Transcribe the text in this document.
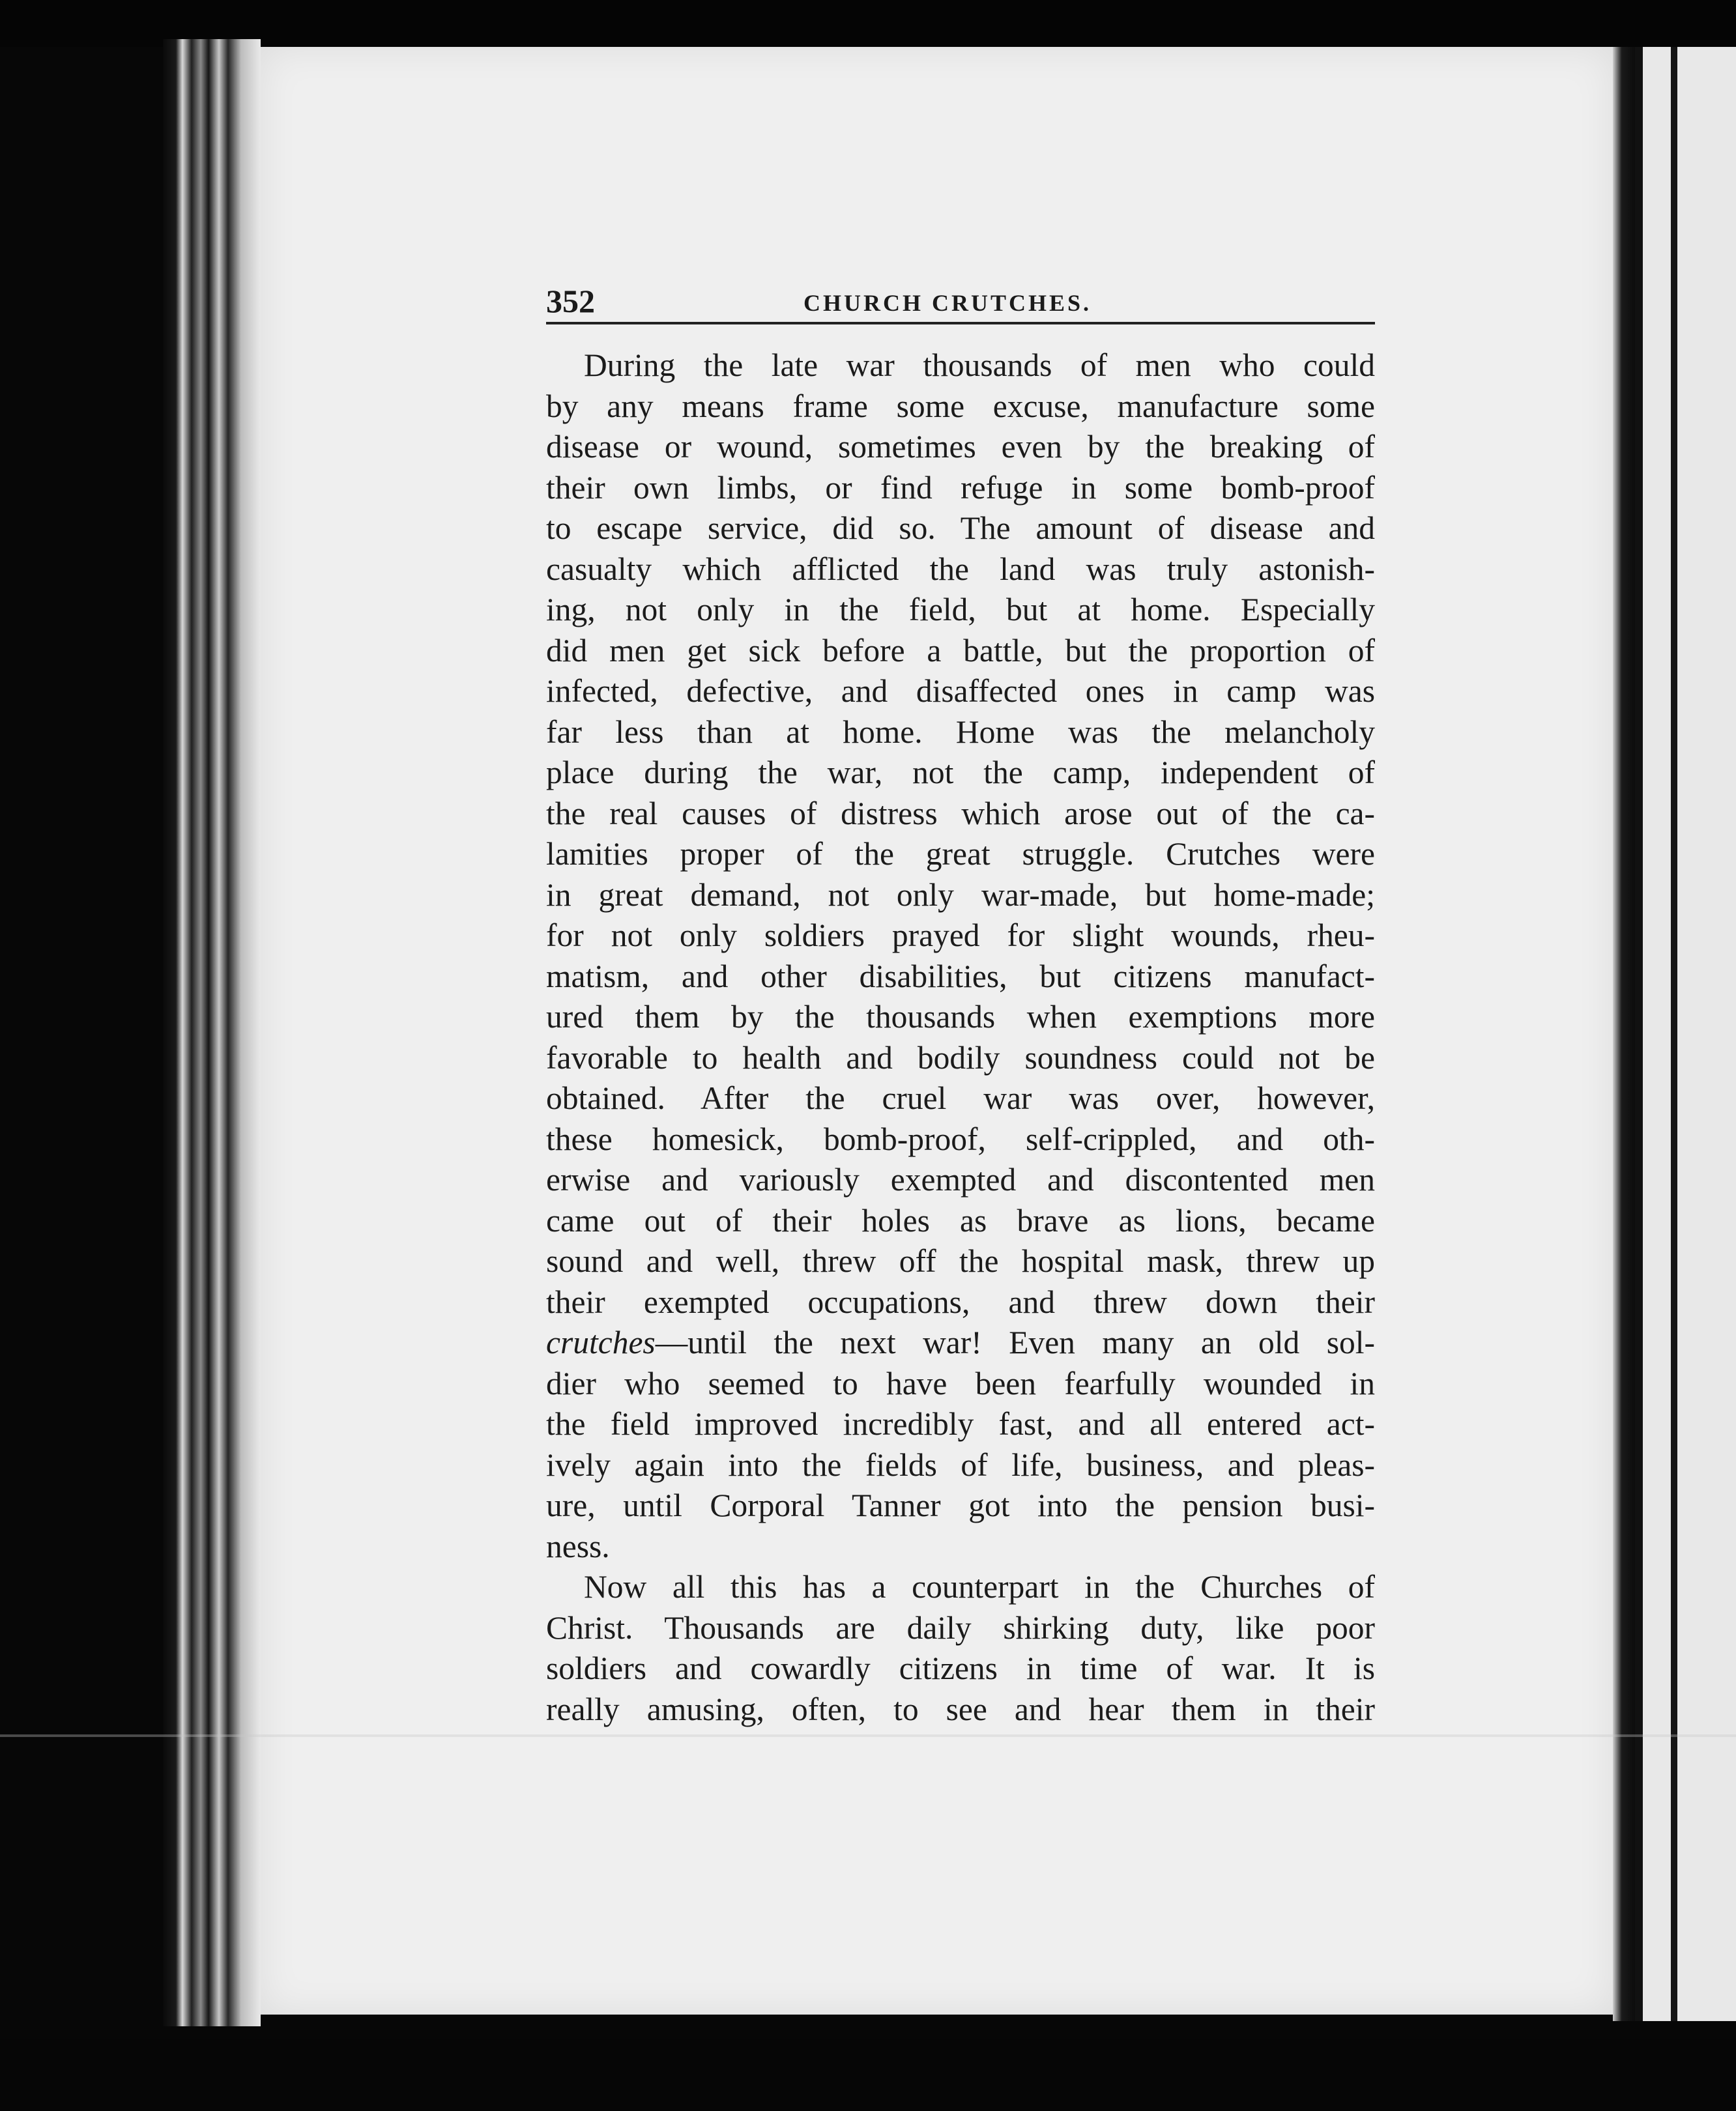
352	CHURCH CRUTCHES.
During the late war thousands of men who could
by any means frame some excuse, manufacture some
disease or wound, sometimes even by the breaking of
their own limbs, or find refuge in some bomb-proof
to escape service, did so. The amount of disease and
casualty which afflicted the land was truly astonish-
ing, not only in the field, but at home. Especially
did men get sick before a battle, but the proportion of
infected, defective, and disaffected ones in camp was
far less than at home. Home was the melancholy
place during the war, not the camp, independent of
the real causes of distress which arose out of the ca-
lamities proper of the great struggle. Crutches were
in great demand, not only war-made, but home-made;
for not only soldiers prayed for slight wounds, rheu-
matism, and other disabilities, but citizens manufact-
ured them by the thousands when exemptions more
favorable to health and bodily soundness could not be
obtained. After the cruel war was over, however,
these homesick, bomb-proof, self-crippled, and oth-
erwise and variously exempted and discontented men
came out of their holes as brave as lions, became
sound and well, threw off the hospital mask, threw up
their exempted occupations, and threw down their
crutches—until the next war! Even many an old sol-
dier who seemed to have been fearfully wounded in
the field improved incredibly fast, and all entered act-
ively again into the fields of life, business, and pleas-
ure, until Corporal Tanner got into the pension busi-
ness.
Now all this has a counterpart in the Churches of
Christ. Thousands are daily shirking duty, like poor
soldiers and cowardly citizens in time of war. It is
really amusing, often, to see and hear them in their
